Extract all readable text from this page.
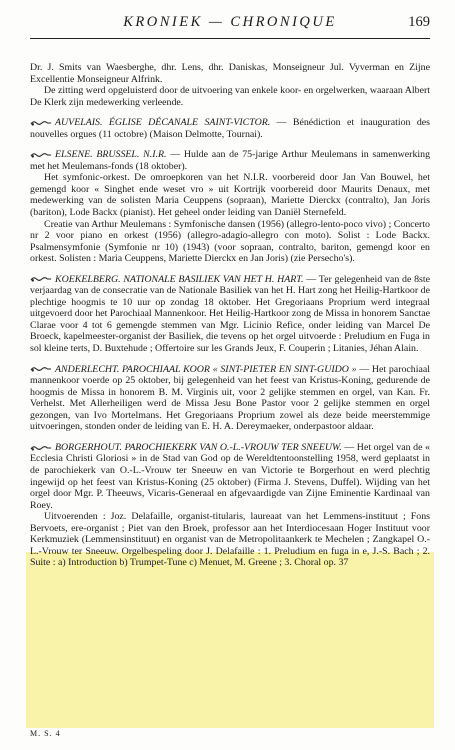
KRONIEK — CHRONIQUE	169

Dr. J. Smits van Waesberghe, dhr. Lens, dhr. Daniskas, Monseigneur Jul. Vyverman en Zijne Excellentie Monseigneur Alfrink.

De zitting werd opgeluisterd door de uitvoering van enkele koor- en orgelwerken, waaraan Albert De Klerk zijn medewerking verleende.

AUVELAIS. ÉGLISE DÉCANALE SAINT-VICTOR. — Bénédiction et inauguration des nouvelles orgues (11 octobre) (Maison Delmotte, Tournai).

ELSENE. BRUSSEL. N.I.R. — Hulde aan de 75-jarige Arthur Meulemans in samenwerking met het Meulemans-fonds (18 oktober).

Het symfonic-orkest. De omroepkoren van het N.I.R. voorbereid door Jan Van Bouwel, het gemengd koor « Singhet ende weset vro » uit Kortrijk voorbereid door Maurits Denaux, met medewerking van de solisten Maria Ceuppens (sopraan), Mariette Dierckx (contralto), Jan Joris (bariton), Lode Backx (pianist). Het geheel onder leiding van Daniël Sternefeld.

Creatie van Arthur Meulemans : Symfonische dansen (1956) (allegro-lento-poco vivo) ; Concerto nr 2 voor piano en orkest (1956) (allegro-adagio-allegro con moto). Solist : Lode Backx. Psalmensymfonie (Symfonie nr 10) (1943) (voor sopraan, contralto, bariton, gemengd koor en orkest. Solisten : Maria Ceuppens, Mariette Dierckx en Jan Joris) (zie Persecho's).

KOEKELBERG. NATIONALE BASILIEK VAN HET H. HART. — Ter gelegenheid van de 8ste verjaardag van de consecratie van de Nationale Basiliek van het H. Hart zong het Heilig-Hartkoor de plechtige hoogmis te 10 uur op zondag 18 oktober. Het Gregoriaans Proprium werd integraal uitgevoerd door het Parochiaal Mannenkoor. Het Heilig-Hartkoor zong de Missa in honorem Sanctae Clarae voor 4 tot 6 gemengde stemmen van Mgr. Licinio Refice, onder leiding van Marcel De Broeck, kapelmeester-organist der Basiliek, die tevens op het orgel uitvoerde : Preludium en Fuga in sol kleine terts, D. Buxtehude ; Offertoire sur les Grands Jeux, F. Couperin ; Litanies, Jéhan Alain.

ANDERLECHT. PAROCHIAAL KOOR « SINT-PIETER EN SINT-GUIDO » — Het parochiaal mannenkoor voerde op 25 oktober, bij gelegenheid van het feest van Kristus-Koning, gedurende de hoogmis de Missa in honorem B. M. Virginis uit, voor 2 gelijke stemmen en orgel, van Kan. Fr. Verhelst. Met Allerheiligen werd de Missa Jesu Bone Pastor voor 2 gelijke stemmen en orgel gezongen, van Ivo Mortelmans. Het Gregoriaans Proprium zowel als deze beide meerstemmige uitvoeringen, stonden onder de leiding van E. H. A. Dereymaeker, onderpastoor aldaar.

BORGERHOUT. PAROCHIEKERK VAN O.-L.-VROUW TER SNEEUW. — Het orgel van de « Ecclesia Christi Gloriosi » in de Stad van God op de Wereldtentoonstelling 1958, werd geplaatst in de parochiekerk van O.-L.-Vrouw ter Sneeuw en van Victorie te Borgerhout en werd plechtig ingewijd op het feest van Kristus-Koning (25 oktober) (Firma J. Stevens, Duffel). Wijding van het orgel door Mgr. P. Theeuws, Vicaris-Generaal en afgevaardigde van Zijne Eminentie Kardinaal van Roey.

Uitvoerenden : Joz. Delafaille, organist-titularis, laureaat van het Lemmens-instituut ; Fons Bervoets, ere-organist ; Piet van den Broek, professor aan het Interdiocesaan Hoger Instituut voor Kerkmuziek (Lemmensinstituut) en organist van de Metropolitaankerk te Mechelen ; Zangkapel O.-L.-Vrouw ter Sneeuw. Orgelbespeling door J. Delafaille : 1. Preludium en fuga in e, J.-S. Bach ; 2. Suite : a) Introduction b) Trumpet-Tune c) Menuet, M. Greene ; 3. Choral op. 37

M. S. 4
